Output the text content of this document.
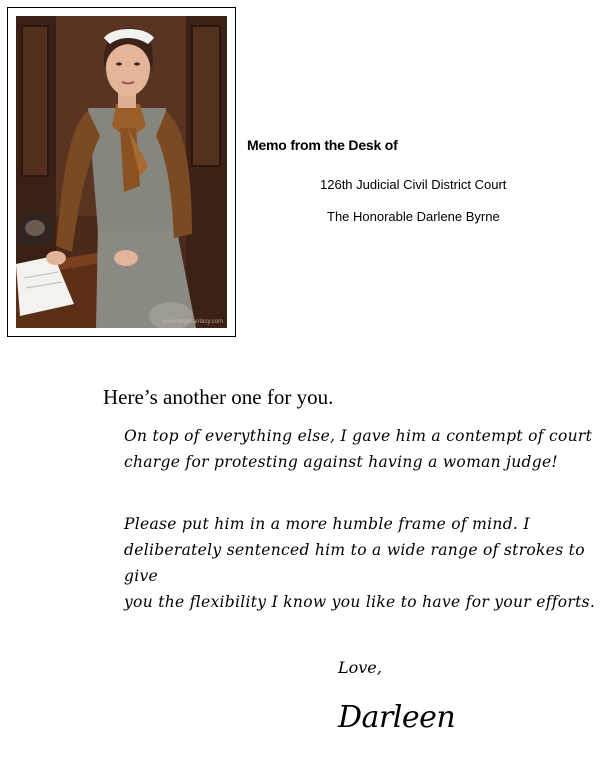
www.fetishfantasy.com
Memo from the Desk of
126th Judicial Civil District Court
The Honorable Darlene Byrne
Here’s another one for you.
On top of everything else, I gave him a contempt of court
charge for protesting against having a woman judge!
Please put him in a more humble frame of mind. I
deliberately sentenced him to a wide range of strokes to give
you the flexibility I know you like to have for your efforts.
Love,
Darleen
